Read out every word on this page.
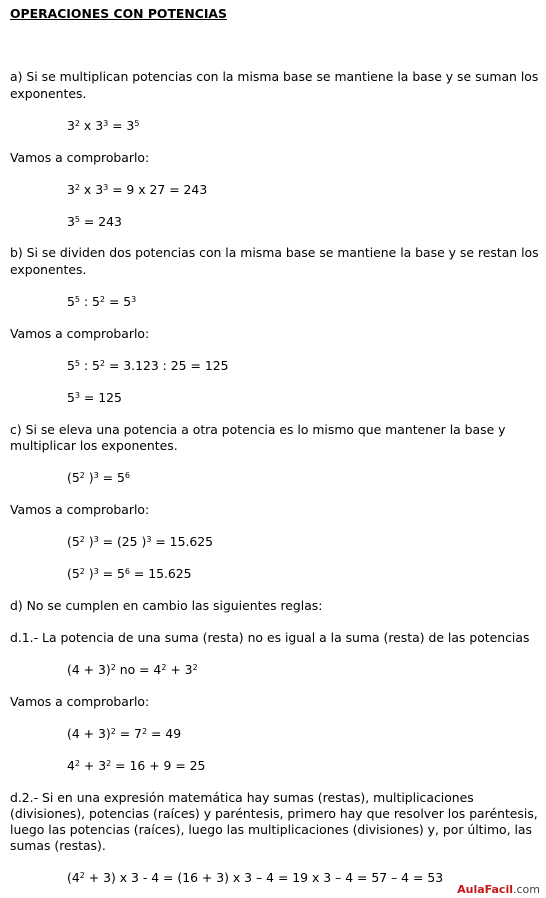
OPERACIONES CON POTENCIAS
a) Si se multiplican potencias con la misma base se mantiene la base y se suman los
exponentes.
$3^2$ x $3^3 = 3^5$
Vamos a comprobarlo:
$3^2$ x $3^3 = 9$ x 27 = 243
$3^5 = 243$
b) Si se dividen dos potencias con la misma base se mantiene la base y se restan los
exponentes.
$5^5$ : $5^2 = 5^3$
Vamos a comprobarlo:
$5^5$ : $5^2 = 3.123$ : 25 = 125
$5^3 = 125$
c) Si se eleva una potencia a otra potencia es lo mismo que mantener la base y
multiplicar los exponentes.
($5^2$ )$^3 = 5^6$
Vamos a comprobarlo:
($5^2$ )$^3$ = (25 )$^3$ = 15.625
($5^2$ )$^3 = 5^6 = 15.625$
d) No se cumplen en cambio las siguientes reglas:
d.1.- La potencia de una suma (resta) no es igual a la suma (resta) de las potencias
$(4 + 3)^2$ no = $4^2 + 3^2$
Vamos a comprobarlo:
$(4 + 3)^2 = 7^2 = 49$
$4^2 + 3^2 = 16 + 9 = 25$
d.2.- Si en una expresión matemática hay sumas (restas), multiplicaciones
(divisiones), potencias (raíces) y paréntesis, primero hay que resolver los paréntesis,
luego las potencias (raíces), luego las multiplicaciones (divisiones) y, por último, las
sumas (restas).
$(4^2 + 3)$ x 3 - 4 = (16 + 3) x 3 – 4 = 19 x 3 – 4 = 57 – 4 = 53
AulaFacil.com
